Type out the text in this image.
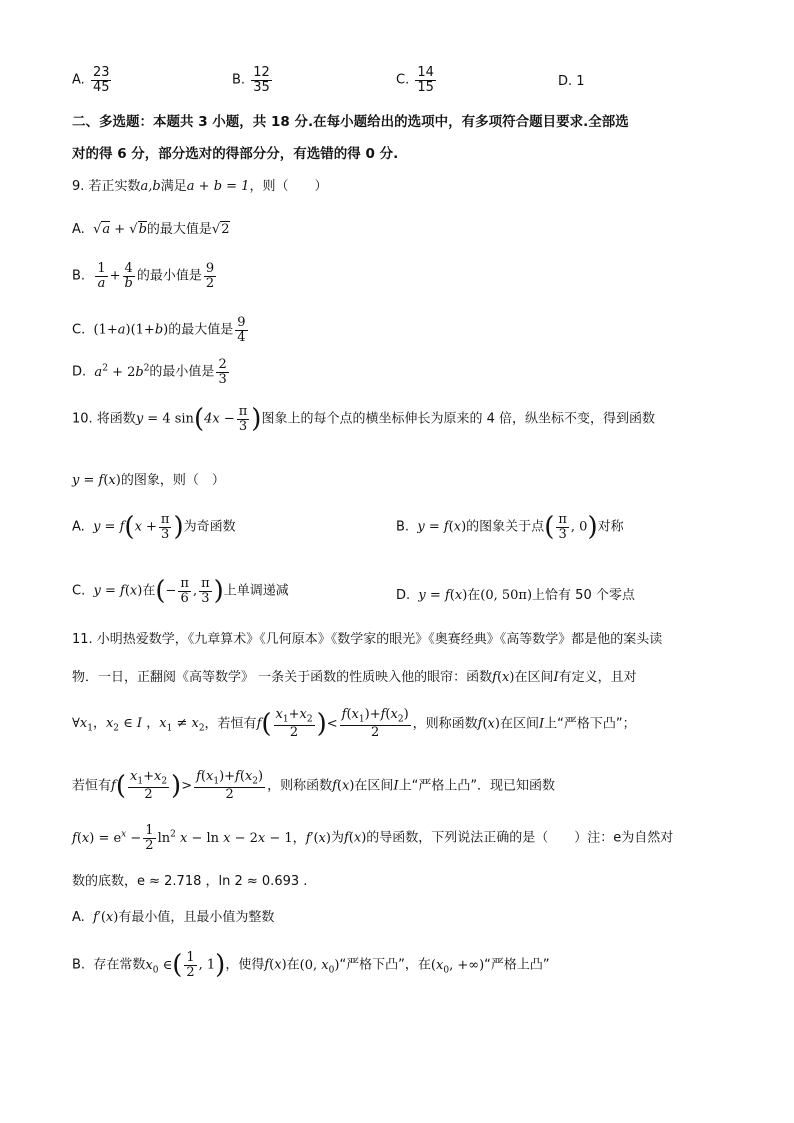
A. $\frac{23}{45}$	B. $\frac{12}{35}$	C. $\frac{14}{15}$	D. 1
二、多选题：本题共 3 小题，共 18 分.在每小题给出的选项中，有多项符合题目要求.全部选
对的得 6 分，部分选对的得部分分，有选错的得 0 分.
9. 若正实数a,b满足a + b = 1，则（　　）
A. √a + √b的最大值是√2
B. $\frac{1}{a} + \frac{4}{b}$ 的最小值是 $\frac{9}{2}$
C. (1+a)(1+b)的最大值是 $\frac{9}{4}$
D. $a^2 + 2b^2$的最小值是 $\frac{2}{3}$
10. 将函数y = 4 $\sin(4x - \frac{\pi}{3}$ )图象上的每个点的横坐标伸长为原来的 4 倍，纵坐标不变，得到函数
y = f(x)的图象，则（　）
A. $y = f(x + \frac{\pi}{3}$ )为奇函数	B. y = f(x)的图象关于点( $\frac{\pi}{3}$ , 0)对称
C. y = f(x)在(− $\frac{\pi}{6}$ , $\frac{\pi}{3}$ )上单调递减	D. y = f(x)在(0, 50π)上恰有 50 个零点
11. 小明热爱数学，《九章算术》《几何原本》《数学家的眼光》《奥赛经典》《高等数学》都是他的案头读
物．一日，正翻阅《高等数学》 一条关于函数的性质映入他的眼帘：函数f(x)在区间I有定义，且对
$\forall x_1$，$x_2$ ∈ I ，$x_1 \ne x_2$，若恒有$f( \frac{x_1+x_2}{2}$ )< $\frac{f(x_1)+f(x_2)}{2}$ ，则称函数f(x)在区间I上“严格下凸”；
若恒有$f( \frac{x_1+x_2}{2}$ )> $\frac{f(x_1)+f(x_2)}{2}$ ，则称函数f(x)在区间I上“严格上凸”．现已知函数
$f(x) = e^x - \frac{1}{2} \ln^2 x - \ln x - 2x - 1$，f′(x)为f(x)的导函数，下列说法正确的是（　　）注：e为自然对
数的底数，e ≈ 2.718 ，ln 2 ≈ 0.693 .
A. f′(x)有最小值，且最小值为整数
B. 存在常数$x_0$ ∈( $\frac{1}{2}$ , 1)，使得f(x)在(0, $x_0)“$严格下凸”，在($x_0$, +∞)“严格上凸”
